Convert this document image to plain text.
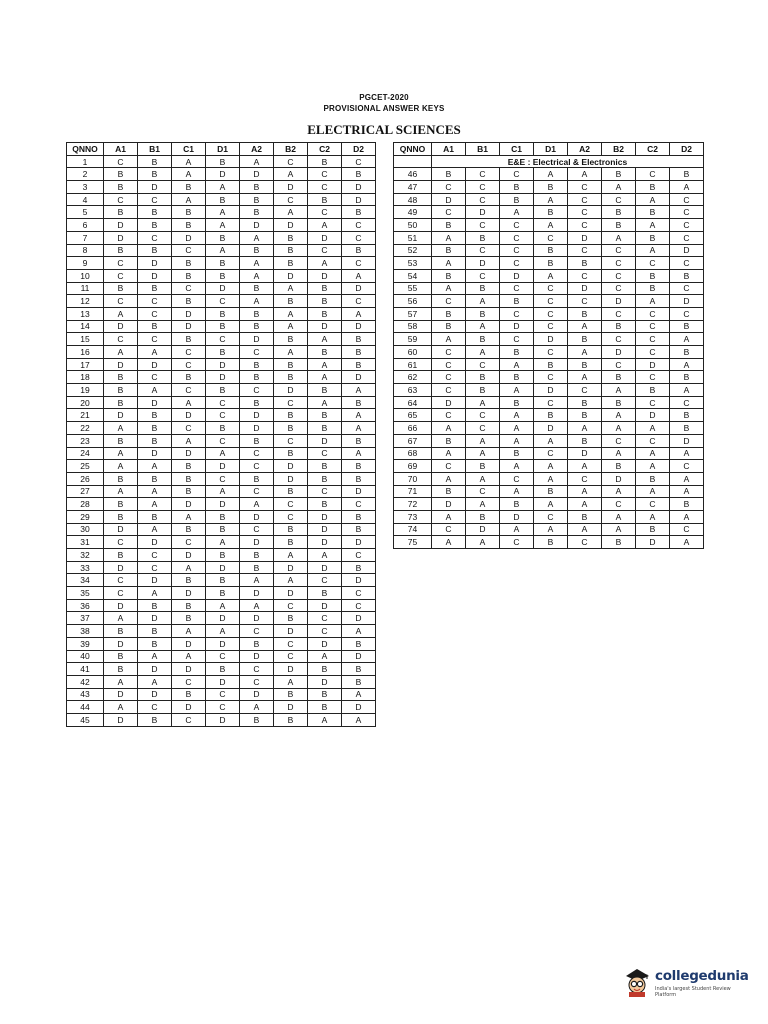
PGCET-2020
PROVISIONAL ANSWER KEYS
ELECTRICAL SCIENCES
QNNO	A1	B1	C1	D1	A2	B2	C2	D2
1	C	B	A	B	A	C	B	C
2	B	B	A	D	D	A	C	B
3	B	D	B	A	B	D	C	D
4	C	C	A	B	B	C	B	D
5	B	B	B	A	B	A	C	B
6	D	B	B	A	D	D	A	C
7	D	C	D	B	A	B	D	C
8	B	B	C	A	B	B	C	B
9	C	D	B	B	A	B	A	C
10	C	D	B	B	A	D	D	A
11	B	B	C	D	B	A	B	D
12	C	C	B	C	A	B	B	C
13	A	C	D	B	B	A	B	A
14	D	B	D	B	B	A	D	D
15	C	C	B	C	D	B	A	B
16	A	A	C	B	C	A	B	B
17	D	D	C	D	B	B	A	B
18	B	C	B	D	B	B	A	D
19	B	A	C	B	C	D	B	A
20	B	D	A	C	B	C	A	B
21	D	B	D	C	D	B	B	A
22	A	B	C	B	D	B	B	A
23	B	B	A	C	B	C	D	B
24	A	D	D	A	C	B	C	A
25	A	A	B	D	C	D	B	B
26	B	B	B	C	B	D	B	B
27	A	A	B	A	C	B	C	D
28	B	A	D	D	A	C	B	C
29	B	B	A	B	D	C	D	B
30	D	A	B	B	C	B	D	B
31	C	D	C	A	D	B	D	D
32	B	C	D	B	B	A	A	C
33	D	C	A	D	B	D	D	B
34	C	D	B	B	A	A	C	D
35	C	A	D	B	D	D	B	C
36	D	B	B	A	A	C	D	C
37	A	D	B	D	D	B	C	D
38	B	B	A	A	C	D	C	A
39	D	B	D	D	B	C	D	B
40	B	A	A	C	D	C	A	D
41	B	D	D	B	C	D	B	B
42	A	A	C	D	C	A	D	B
43	D	D	B	C	D	B	B	A
44	A	C	D	C	A	D	B	D
45	D	B	C	D	B	B	A	A
QNNO	A1	B1	C1	D1	A2	B2	C2	D2
	E&E : Electrical & Electronics							
46	B	C	C	A	A	B	C	B
47	C	C	B	B	C	A	B	A
48	D	C	B	A	C	C	A	C
49	C	D	A	B	C	B	B	C
50	B	C	C	A	C	B	A	C
51	A	B	C	C	D	A	B	C
52	B	C	C	B	C	C	A	D
53	A	D	C	B	B	C	C	C
54	B	C	D	A	C	C	B	B
55	A	B	C	C	D	C	B	C
56	C	A	B	C	C	D	A	D
57	B	B	C	C	B	C	C	C
58	B	A	D	C	A	B	C	B
59	A	B	C	D	B	C	C	A
60	C	A	B	C	A	D	C	B
61	C	C	A	B	B	C	D	A
62	C	B	B	C	A	B	C	B
63	C	B	A	D	C	A	B	A
64	D	A	B	C	B	B	C	C
65	C	C	A	B	B	A	D	B
66	A	C	A	D	A	A	A	B
67	B	A	A	A	B	C	C	D
68	A	A	B	C	D	A	A	A
69	C	B	A	A	A	B	A	C
70	A	A	C	A	C	D	B	A
71	B	C	A	B	A	A	A	A
72	D	A	B	A	A	C	C	B
73	A	B	D	C	B	A	A	A
74	C	D	A	A	A	A	B	C
75	A	A	C	B	C	B	D	A
collegedunia
India's largest Student Review Platform
